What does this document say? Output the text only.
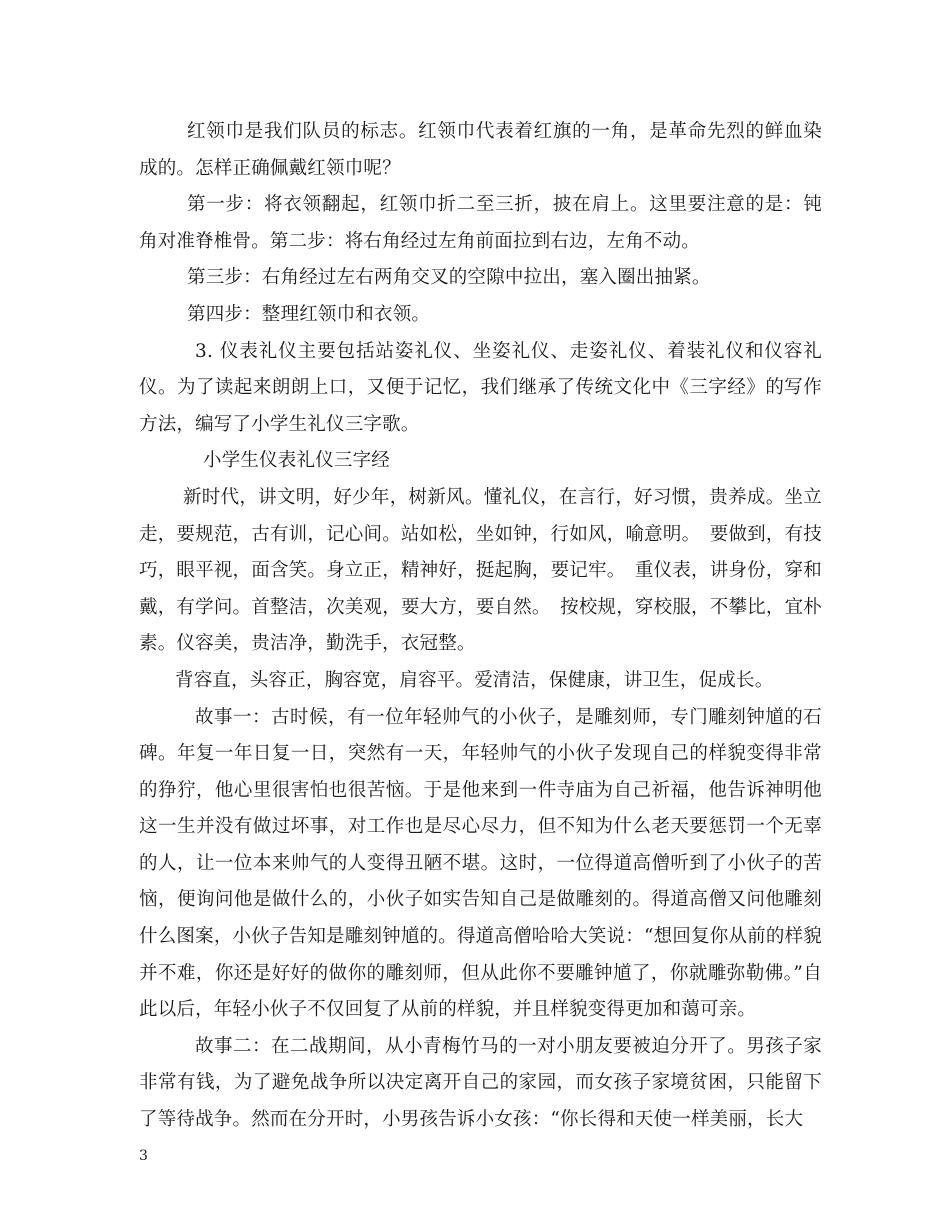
红领巾是我们队员的标志。红领巾代表着红旗的一角，是革命先烈的鲜血染成的。怎样正确佩戴红领巾呢？

第一步：将衣领翻起，红领巾折二至三折，披在肩上。这里要注意的是：钝角对准脊椎骨。第二步：将右角经过左角前面拉到右边，左角不动。

第三步：右角经过左右两角交叉的空隙中拉出，塞入圈出抽紧。

第四步：整理红领巾和衣领。

3. 仪表礼仪主要包括站姿礼仪、坐姿礼仪、走姿礼仪、着装礼仪和仪容礼仪。为了读起来朗朗上口，又便于记忆，我们继承了传统文化中《三字经》的写作方法，编写了小学生礼仪三字歌。

小学生仪表礼仪三字经

新时代，讲文明，好少年，树新风。懂礼仪，在言行，好习惯，贵养成。坐立走，要规范，古有训，记心间。站如松，坐如钟，行如风，喻意明。　要做到，有技巧，眼平视，面含笑。身立正，精神好，挺起胸，要记牢。　重仪表，讲身份，穿和戴，有学问。首整洁，次美观，要大方，要自然。　按校规，穿校服，不攀比，宜朴素。仪容美，贵洁净，勤洗手，衣冠整。

背容直，头容正，胸容宽，肩容平。爱清洁，保健康，讲卫生，促成长。

故事一：古时候，有一位年轻帅气的小伙子，是雕刻师，专门雕刻钟馗的石碑。年复一年日复一日，突然有一天，年轻帅气的小伙子发现自己的样貌变得非常的狰狞，他心里很害怕也很苦恼。于是他来到一件寺庙为自己祈福，他告诉神明他这一生并没有做过坏事，对工作也是尽心尽力，但不知为什么老天要惩罚一个无辜的人，让一位本来帅气的人变得丑陋不堪。这时，一位得道高僧听到了小伙子的苦恼，便询问他是做什么的，小伙子如实告知自己是做雕刻的。得道高僧又问他雕刻什么图案，小伙子告知是雕刻钟馗的。得道高僧哈哈大笑说：“想回复你从前的样貌并不难，你还是好好的做你的雕刻师，但从此你不要雕钟馗了，你就雕弥勒佛。”自此以后，年轻小伙子不仅回复了从前的样貌，并且样貌变得更加和蔼可亲。

故事二：在二战期间，从小青梅竹马的一对小朋友要被迫分开了。男孩子家非常有钱，为了避免战争所以决定离开自己的家园，而女孩子家境贫困，只能留下了等待战争。然而在分开时，小男孩告诉小女孩：“你长得和天使一样美丽，长大

3
